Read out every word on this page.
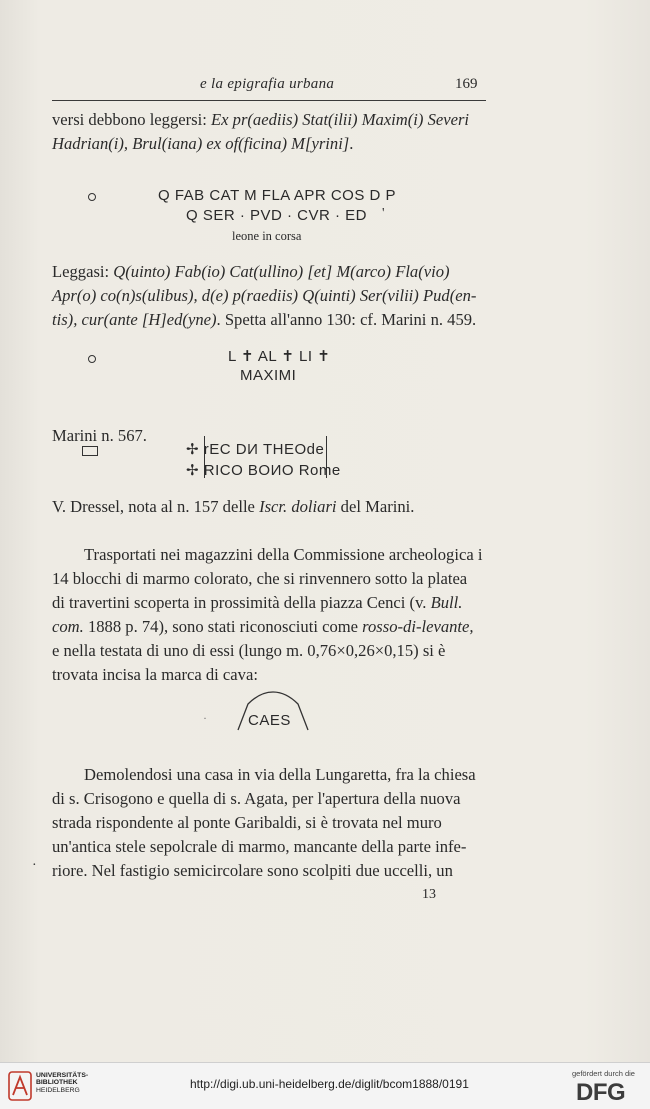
e la epigrafia urbana	169
versi debbono leggersi: Ex pr(aediis) Stat(ilii) Maxim(i) Severi
Hadrian(i), Brul(iana) ex of(ficina) M[yrini].
Q FAB CAT M FLA APR COS D P
Q SER · PVD · CVR · ED '
leone in corsa
Leggasi: Q(uinto) Fab(io) Cat(ullino) [et] M(arco) Fla(vio)
Apr(o) co(n)s(ulibus), d(e) p(raediis) Q(uinti) Ser(vilii) Pud(en-
tis), cur(ante [H]ed(yne). Spetta all'anno 130: cf. Marini n. 459.
L ✝ AL ✝ LI ✝
MAXIMI
Marini n. 567.
✢ rEC DИ THEOde
✢ RICO BOИO Rome
V. Dressel, nota al n. 157 delle Iscr. doliari del Marini.
Trasportati nei magazzini della Commissione archeologica i
14 blocchi di marmo colorato, che si rinvennero sotto la platea
di travertini scoperta in prossimità della piazza Cenci (v. Bull.
com. 1888 p. 74), sono stati riconosciuti come rosso-di-levante,
e nella testata di uno di essi (lungo m. 0,76×0,26×0,15) si è
trovata incisa la marca di cava:
CAES
·
Demolendosi una casa in via della Lungaretta, fra la chiesa
di s. Crisogono e quella di s. Agata, per l'apertura della nuova
strada rispondente al ponte Garibaldi, si è trovata nel muro
un'antica stele sepolcrale di marmo, mancante della parte infe-
riore. Nel fastigio semicircolare sono scolpiti due uccelli, un
·
13
UNIVERSITÄTS-
BIBLIOTHEK
HEIDELBERG	http://digi.ub.uni-heidelberg.de/diglit/bcom1888/0191
gefördert durch die
DFG
